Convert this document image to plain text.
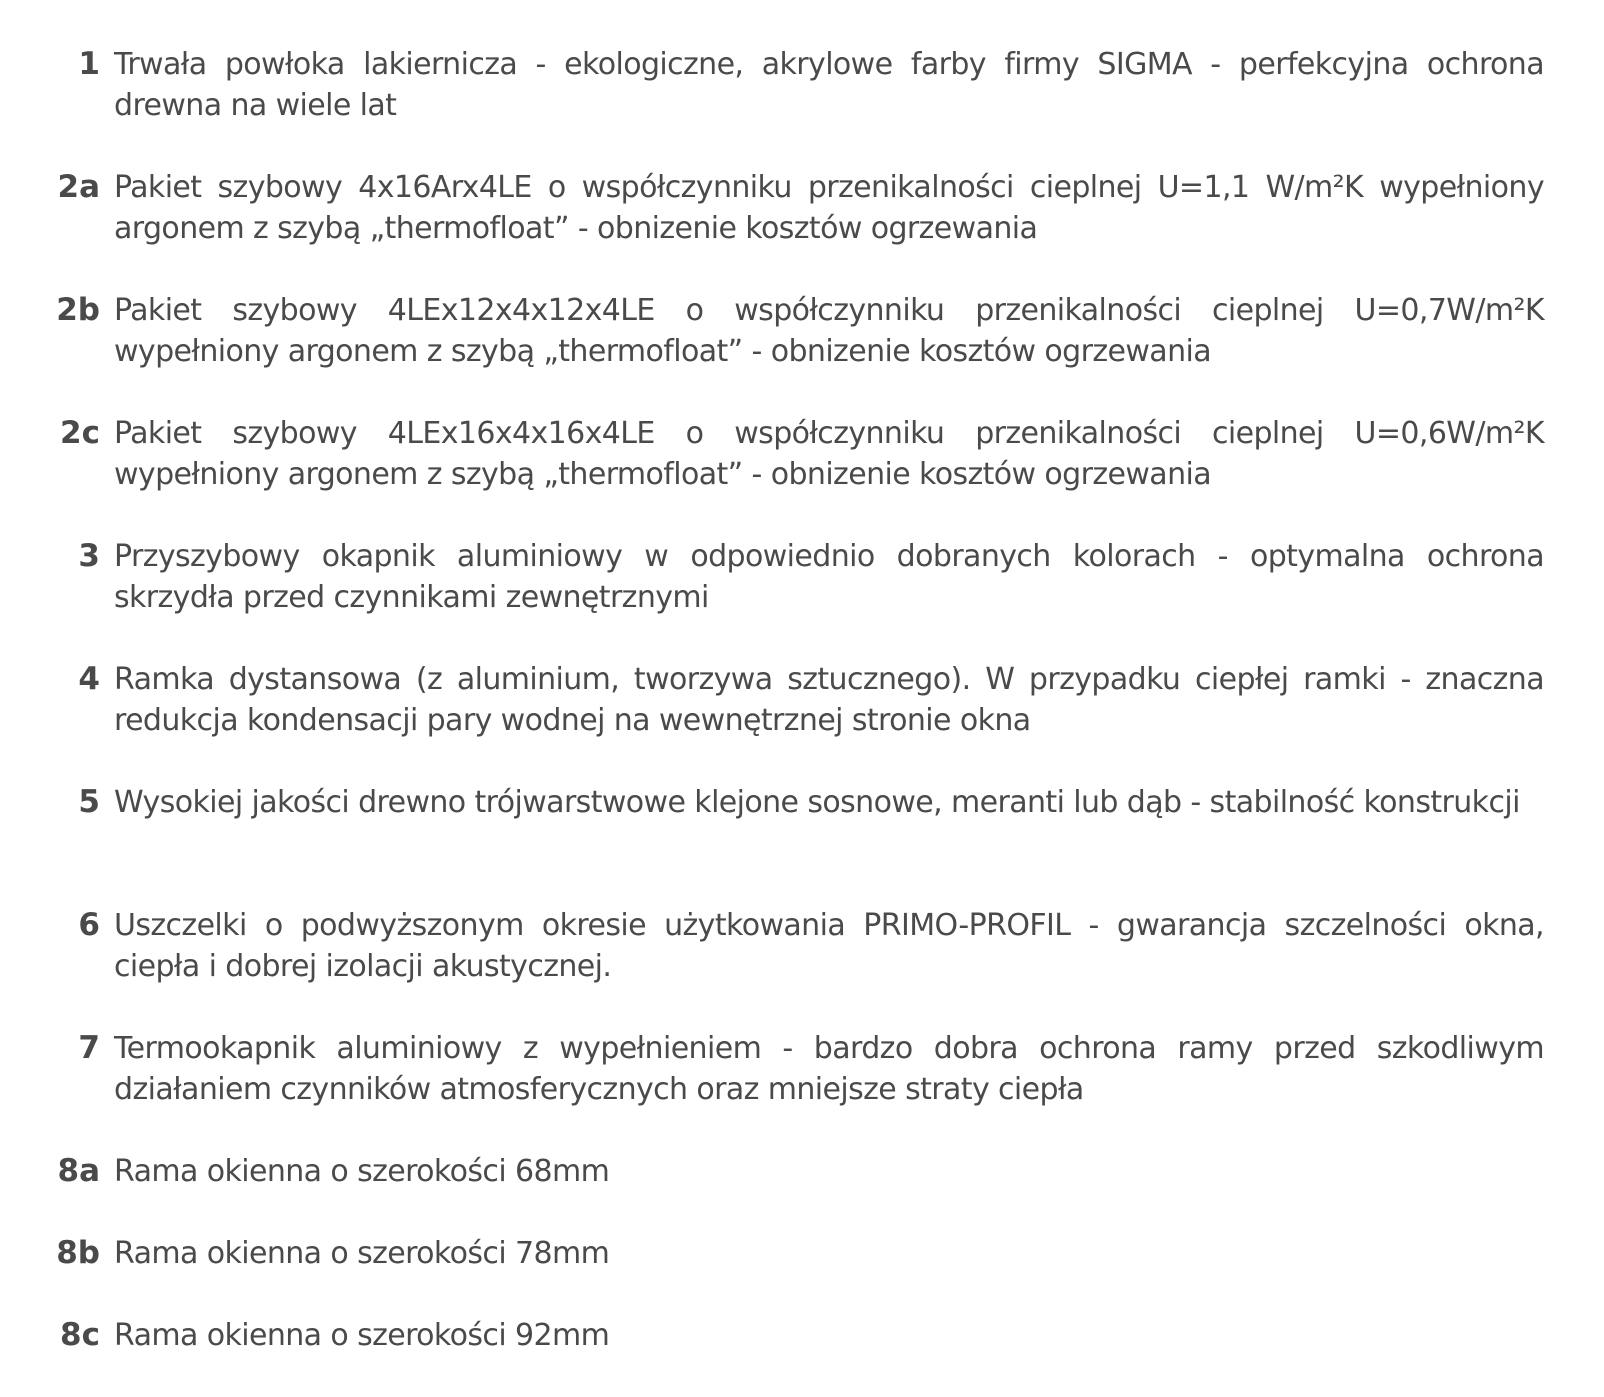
1 Trwała powłoka lakiernicza - ekologiczne, akrylowe farby firmy SIGMA - perfekcyjna ochrona drewna na wiele lat
2a Pakiet szybowy 4x16Arx4LE o współczynniku przenikalności cieplnej U=1,1 W/m²K wypełniony argonem z szybą „thermofloat” - obnizenie kosztów ogrzewania
2b Pakiet szybowy 4LEx12x4x12x4LE o współczynniku przenikalności cieplnej U=0,7W/m²K wypełniony argonem z szybą „thermofloat” - obnizenie kosztów ogrzewania
2c Pakiet szybowy 4LEx16x4x16x4LE o współczynniku przenikalności cieplnej U=0,6W/m²K wypełniony argonem z szybą „thermofloat” - obnizenie kosztów ogrzewania
3 Przyszybowy okapnik aluminiowy w odpowiednio dobranych kolorach - optymalna ochrona skrzydła przed czynnikami zewnętrznymi
4 Ramka dystansowa (z aluminium, tworzywa sztucznego). W przypadku ciepłej ramki - znaczna redukcja kondensacji pary wodnej na wewnętrznej stronie okna
5 Wysokiej jakości drewno trójwarstwowe klejone sosnowe, meranti lub dąb - stabilność konstrukcji
6 Uszczelki o podwyższonym okresie użytkowania PRIMO-PROFIL - gwarancja szczelności okna, ciepła i dobrej izolacji akustycznej.
7 Termookapnik aluminiowy z wypełnieniem - bardzo dobra ochrona ramy przed szkodliwym działaniem czynników atmosferycznych oraz mniejsze straty ciepła
8a Rama okienna o szerokości 68mm
8b Rama okienna o szerokości 78mm
8c Rama okienna o szerokości 92mm
